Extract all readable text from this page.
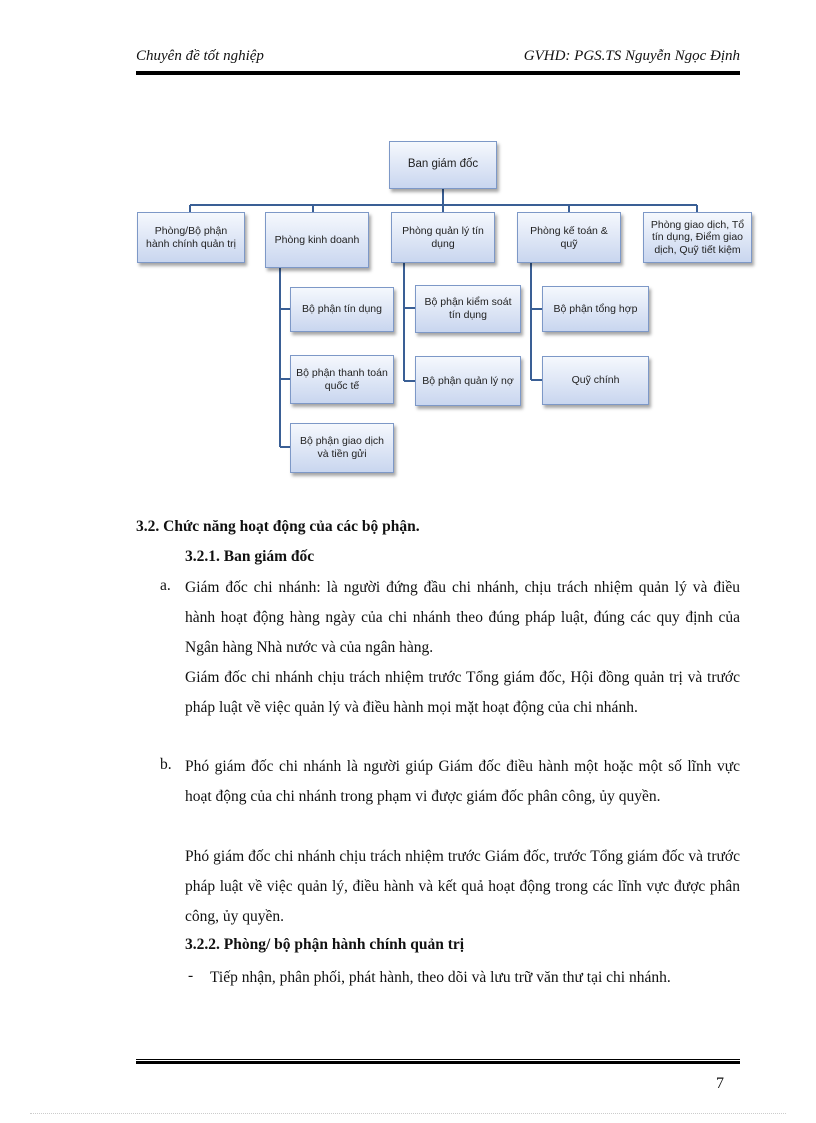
Chuyên đề tốt nghiệp	GVHD: PGS.TS Nguyễn Ngọc Định
Ban giám đốc
Phòng/Bộ phận hành chính quản trị	Phòng kinh doanh
Phòng quản lý tín dụng
Phòng kế toán & quỹ
Phòng giao dịch, Tổ tín dụng, Điểm giao dịch, Quỹ tiết kiệm
Bộ phận tín dụng
Bộ phận thanh toán quốc tế
Bộ phận giao dịch và tiền gửi
Bộ phận kiểm soát tín dụng
Bộ phận quản lý nợ
Bộ phận tổng hợp
Quỹ chính
3.2. Chức năng hoạt động của các bộ phận.
3.2.1. Ban giám đốc
a. Giám đốc chi nhánh: là người đứng đầu chi nhánh, chịu trách nhiệm quản lý và điều hành hoạt động hàng ngày của chi nhánh theo đúng pháp luật, đúng các quy định của Ngân hàng Nhà nước và của ngân hàng.
Giám đốc chi nhánh chịu trách nhiệm trước Tổng giám đốc, Hội đồng quản trị và trước pháp luật về việc quản lý và điều hành mọi mặt hoạt động của chi nhánh.
b. Phó giám đốc chi nhánh là người giúp Giám đốc điều hành một hoặc một số lĩnh vực hoạt động của chi nhánh trong phạm vi được giám đốc phân công, ủy quyền.
Phó giám đốc chi nhánh chịu trách nhiệm trước Giám đốc, trước Tổng giám đốc và trước pháp luật về việc quản lý, điều hành và kết quả hoạt động trong các lĩnh vực được phân công, ủy quyền.
3.2.2. Phòng/ bộ phận hành chính quản trị
- Tiếp nhận, phân phối, phát hành, theo dõi và lưu trữ văn thư tại chi nhánh.
7
